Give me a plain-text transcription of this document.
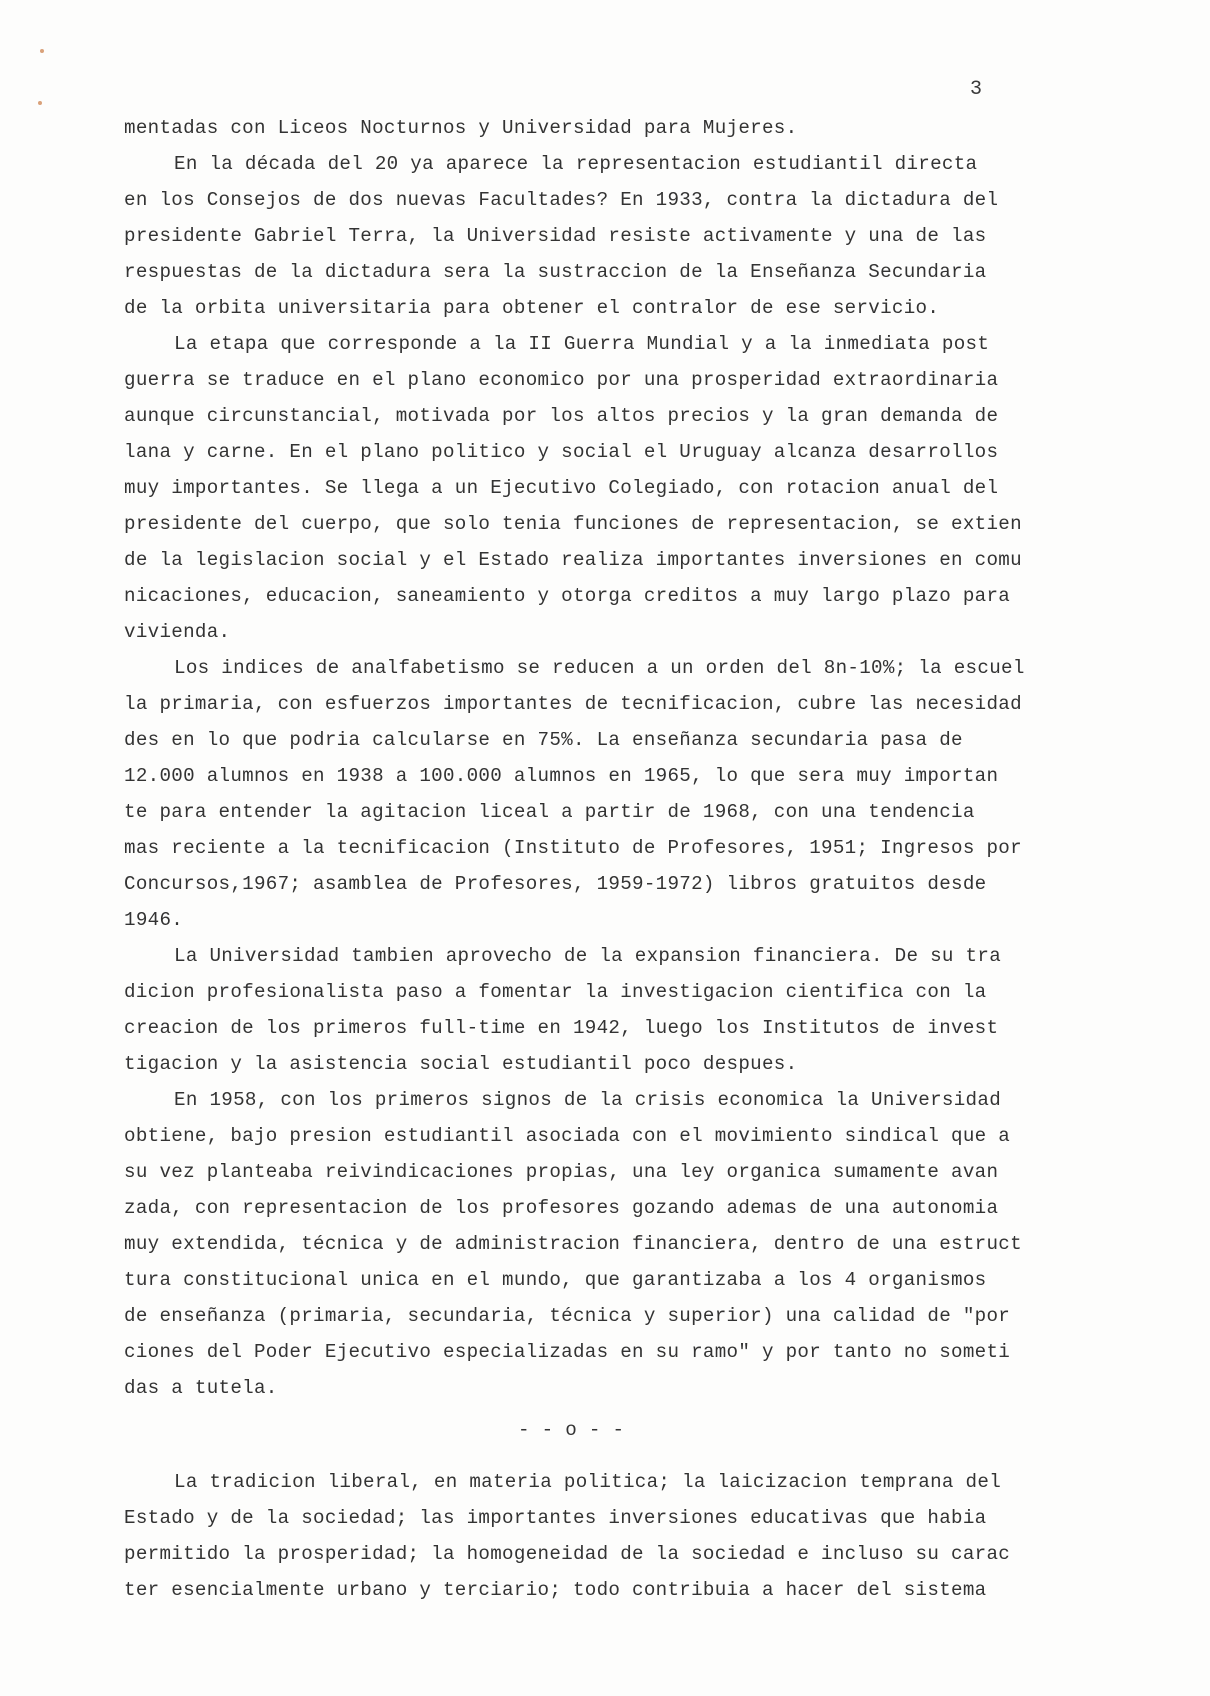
3
mentadas con Liceos Nocturnos y Universidad para Mujeres.
En la década del 20 ya aparece la representacion estudiantil directa
en los Consejos de dos nuevas Facultades? En 1933, contra la dictadura del
presidente Gabriel Terra, la Universidad resiste activamente y una de las
respuestas de la dictadura sera la sustraccion de la Enseñanza Secundaria
de la orbita universitaria para obtener el contralor de ese servicio.
La etapa que corresponde a la II Guerra Mundial y a la inmediata post
guerra se traduce en el plano economico por una prosperidad extraordinaria
aunque circunstancial, motivada por los altos precios y la gran demanda de
lana y carne. En el plano politico y social el Uruguay alcanza desarrollos
muy importantes. Se llega a un Ejecutivo Colegiado, con rotacion anual del
presidente del cuerpo, que solo tenia funciones de representacion, se extien
de la legislacion social y el Estado realiza importantes inversiones en comu
nicaciones, educacion, saneamiento y otorga creditos a muy largo plazo para
vivienda.
Los indices de analfabetismo se reducen a un orden del 8n-10%; la escuel
la primaria, con esfuerzos importantes de tecnificacion, cubre las necesidad
des en lo que podria calcularse en 75%. La enseñanza secundaria pasa de
12.000 alumnos en 1938 a 100.000 alumnos en 1965, lo que sera muy importan
te para entender la agitacion liceal a partir de 1968, con una tendencia
mas reciente a la tecnificacion (Instituto de Profesores, 1951; Ingresos por
Concursos,1967; asamblea de Profesores, 1959-1972) libros gratuitos desde
1946.
La Universidad tambien aprovecho de la expansion financiera. De su tra
dicion profesionalista paso a fomentar la investigacion cientifica con la
creacion de los primeros full-time en 1942, luego los Institutos de invest
tigacion y la asistencia social estudiantil poco despues.
En 1958, con los primeros signos de la crisis economica la Universidad
obtiene, bajo presion estudiantil asociada con el movimiento sindical que a
su vez planteaba reivindicaciones propias, una ley organica sumamente avan
zada, con representacion de los profesores gozando ademas de una autonomia
muy extendida, técnica y de administracion financiera, dentro de una estruct
tura constitucional unica en el mundo, que garantizaba a los 4 organismos
de enseñanza (primaria, secundaria, técnica y superior) una calidad de "por
ciones del Poder Ejecutivo especializadas en su ramo" y por tanto no someti
das a tutela.
- - o - -
La tradicion liberal, en materia politica; la laicizacion temprana del
Estado y de la sociedad; las importantes inversiones educativas que habia
permitido la prosperidad; la homogeneidad de la sociedad e incluso su carac
ter esencialmente urbano y terciario; todo contribuia a hacer del sistema
